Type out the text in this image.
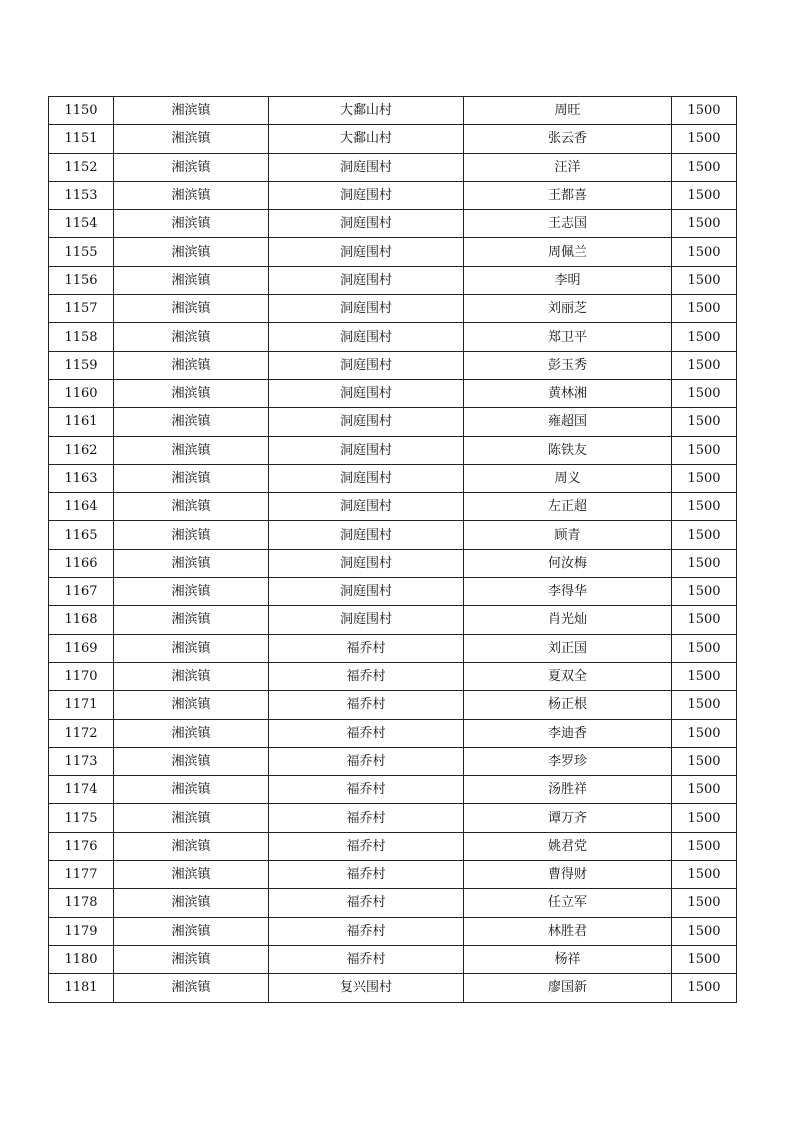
1150	湘滨镇	大鄱山村	周旺	1500
1151	湘滨镇	大鄱山村	张云香	1500
1152	湘滨镇	洞庭围村	汪洋	1500
1153	湘滨镇	洞庭围村	王都喜	1500
1154	湘滨镇	洞庭围村	王志国	1500
1155	湘滨镇	洞庭围村	周佩兰	1500
1156	湘滨镇	洞庭围村	李明	1500
1157	湘滨镇	洞庭围村	刘丽芝	1500
1158	湘滨镇	洞庭围村	郑卫平	1500
1159	湘滨镇	洞庭围村	彭玉秀	1500
1160	湘滨镇	洞庭围村	黄林湘	1500
1161	湘滨镇	洞庭围村	雍超国	1500
1162	湘滨镇	洞庭围村	陈铁友	1500
1163	湘滨镇	洞庭围村	周义	1500
1164	湘滨镇	洞庭围村	左正超	1500
1165	湘滨镇	洞庭围村	顾青	1500
1166	湘滨镇	洞庭围村	何汝梅	1500
1167	湘滨镇	洞庭围村	李得华	1500
1168	湘滨镇	洞庭围村	肖光灿	1500
1169	湘滨镇	福乔村	刘正国	1500
1170	湘滨镇	福乔村	夏双全	1500
1171	湘滨镇	福乔村	杨正根	1500
1172	湘滨镇	福乔村	李迪香	1500
1173	湘滨镇	福乔村	李罗珍	1500
1174	湘滨镇	福乔村	汤胜祥	1500
1175	湘滨镇	福乔村	谭万齐	1500
1176	湘滨镇	福乔村	姚君党	1500
1177	湘滨镇	福乔村	曹得财	1500
1178	湘滨镇	福乔村	任立军	1500
1179	湘滨镇	福乔村	林胜君	1500
1180	湘滨镇	福乔村	杨祥	1500
1181	湘滨镇	复兴围村	廖国新	1500
